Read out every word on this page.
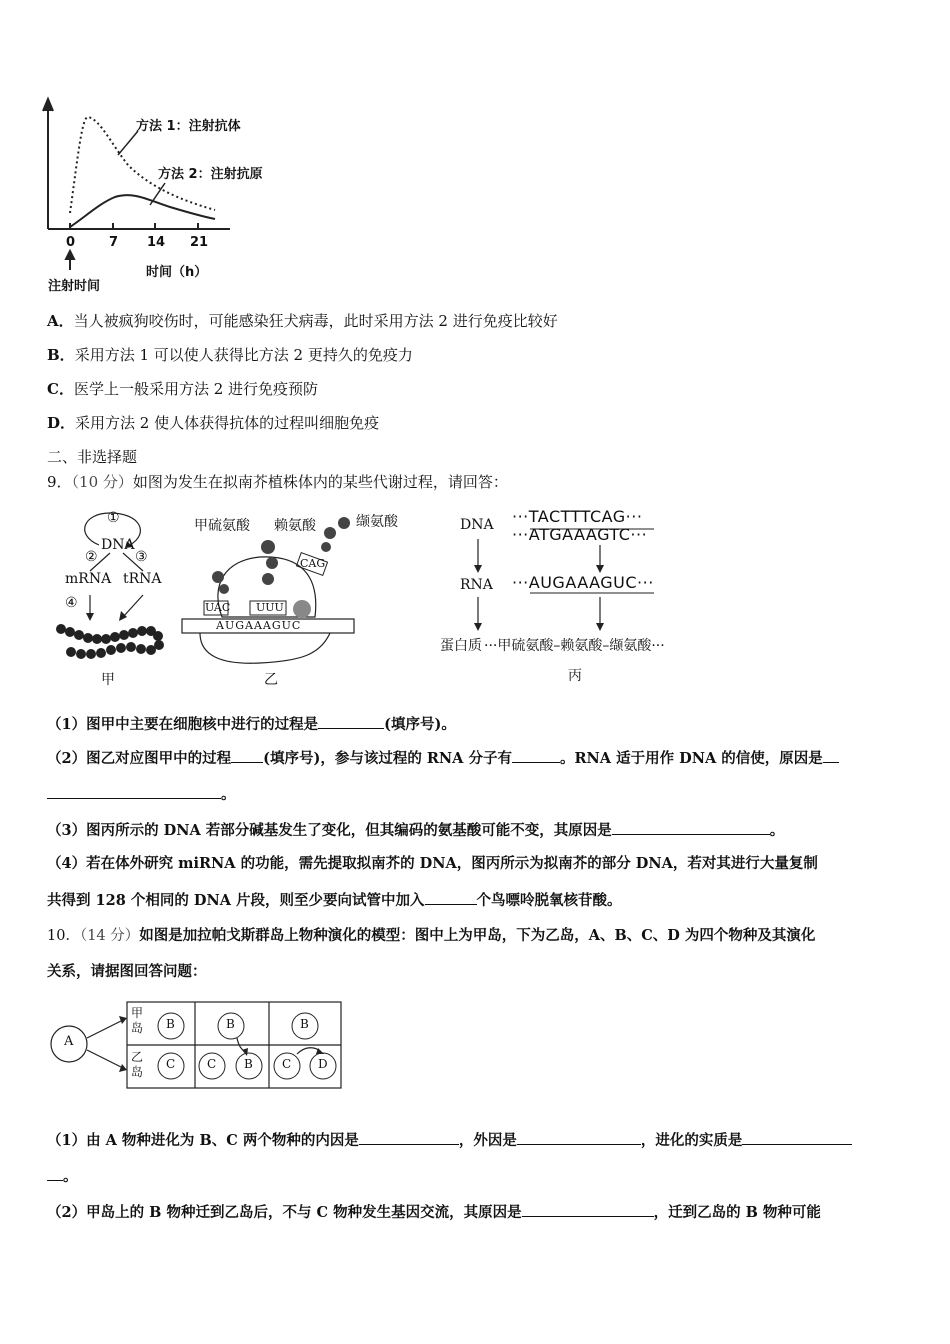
方法 1：注射抗体
方法 2：注射抗原
0	7 14 21
时间（h）
注射时间
A．当人被疯狗咬伤时，可能感染狂犬病毒，此时采用方法 2 进行免疫比较好
B．采用方法 1 可以使人获得比方法 2 更持久的免疫力
C．医学上一般采用方法 2 进行免疫预防
D．采用方法 2 使人体获得抗体的过程叫细胞免疫
二、非选择题
9．（10 分）如图为发生在拟南芥植株体内的某些代谢过程，请回答：
①
DNA
②	③
mRNA tRNA
④
甲
甲硫氨酸 赖氨酸	缬氨酸
CAG
UAC UUU
AUGAAAGUC
乙
DNA
RNA
蛋白质
···TACTTTCAG···
···ATGAAAGTC···
···AUGAAAGUC···
···甲硫氨酸–赖氨酸–缬氨酸···
丙
（1）图甲中主要在细胞核中进行的过程是	(填序号)。
（2）图乙对应图甲中的过程 (填序号)，参与该过程的 RNA 分子有	。RNA 适于用作 DNA 的信使，原因是
。
（3）图丙所示的 DNA 若部分碱基发生了变化，但其编码的氨基酸可能不变，其原因是	。
（4）若在体外研究 miRNA 的功能，需先提取拟南芥的 DNA，图丙所示为拟南芥的部分 DNA，若对其进行大量复制
共得到 128 个相同的 DNA 片段，则至少要向试管中加入	个鸟嘌呤脱氧核苷酸。
10．（14 分）如图是加拉帕戈斯群岛上物种演化的模型：图中上为甲岛，下为乙岛，A、B、C、D 为四个物种及其演化
关系，请据图回答问题：
A
甲岛
乙岛
B
C
B
C B
B
C D
（1）由 A 物种进化为 B、C 两个物种的内因是	，外因是	，进化的实质是
。
（2）甲岛上的 B 物种迁到乙岛后，不与 C 物种发生基因交流，其原因是	，迁到乙岛的 B 物种可能
